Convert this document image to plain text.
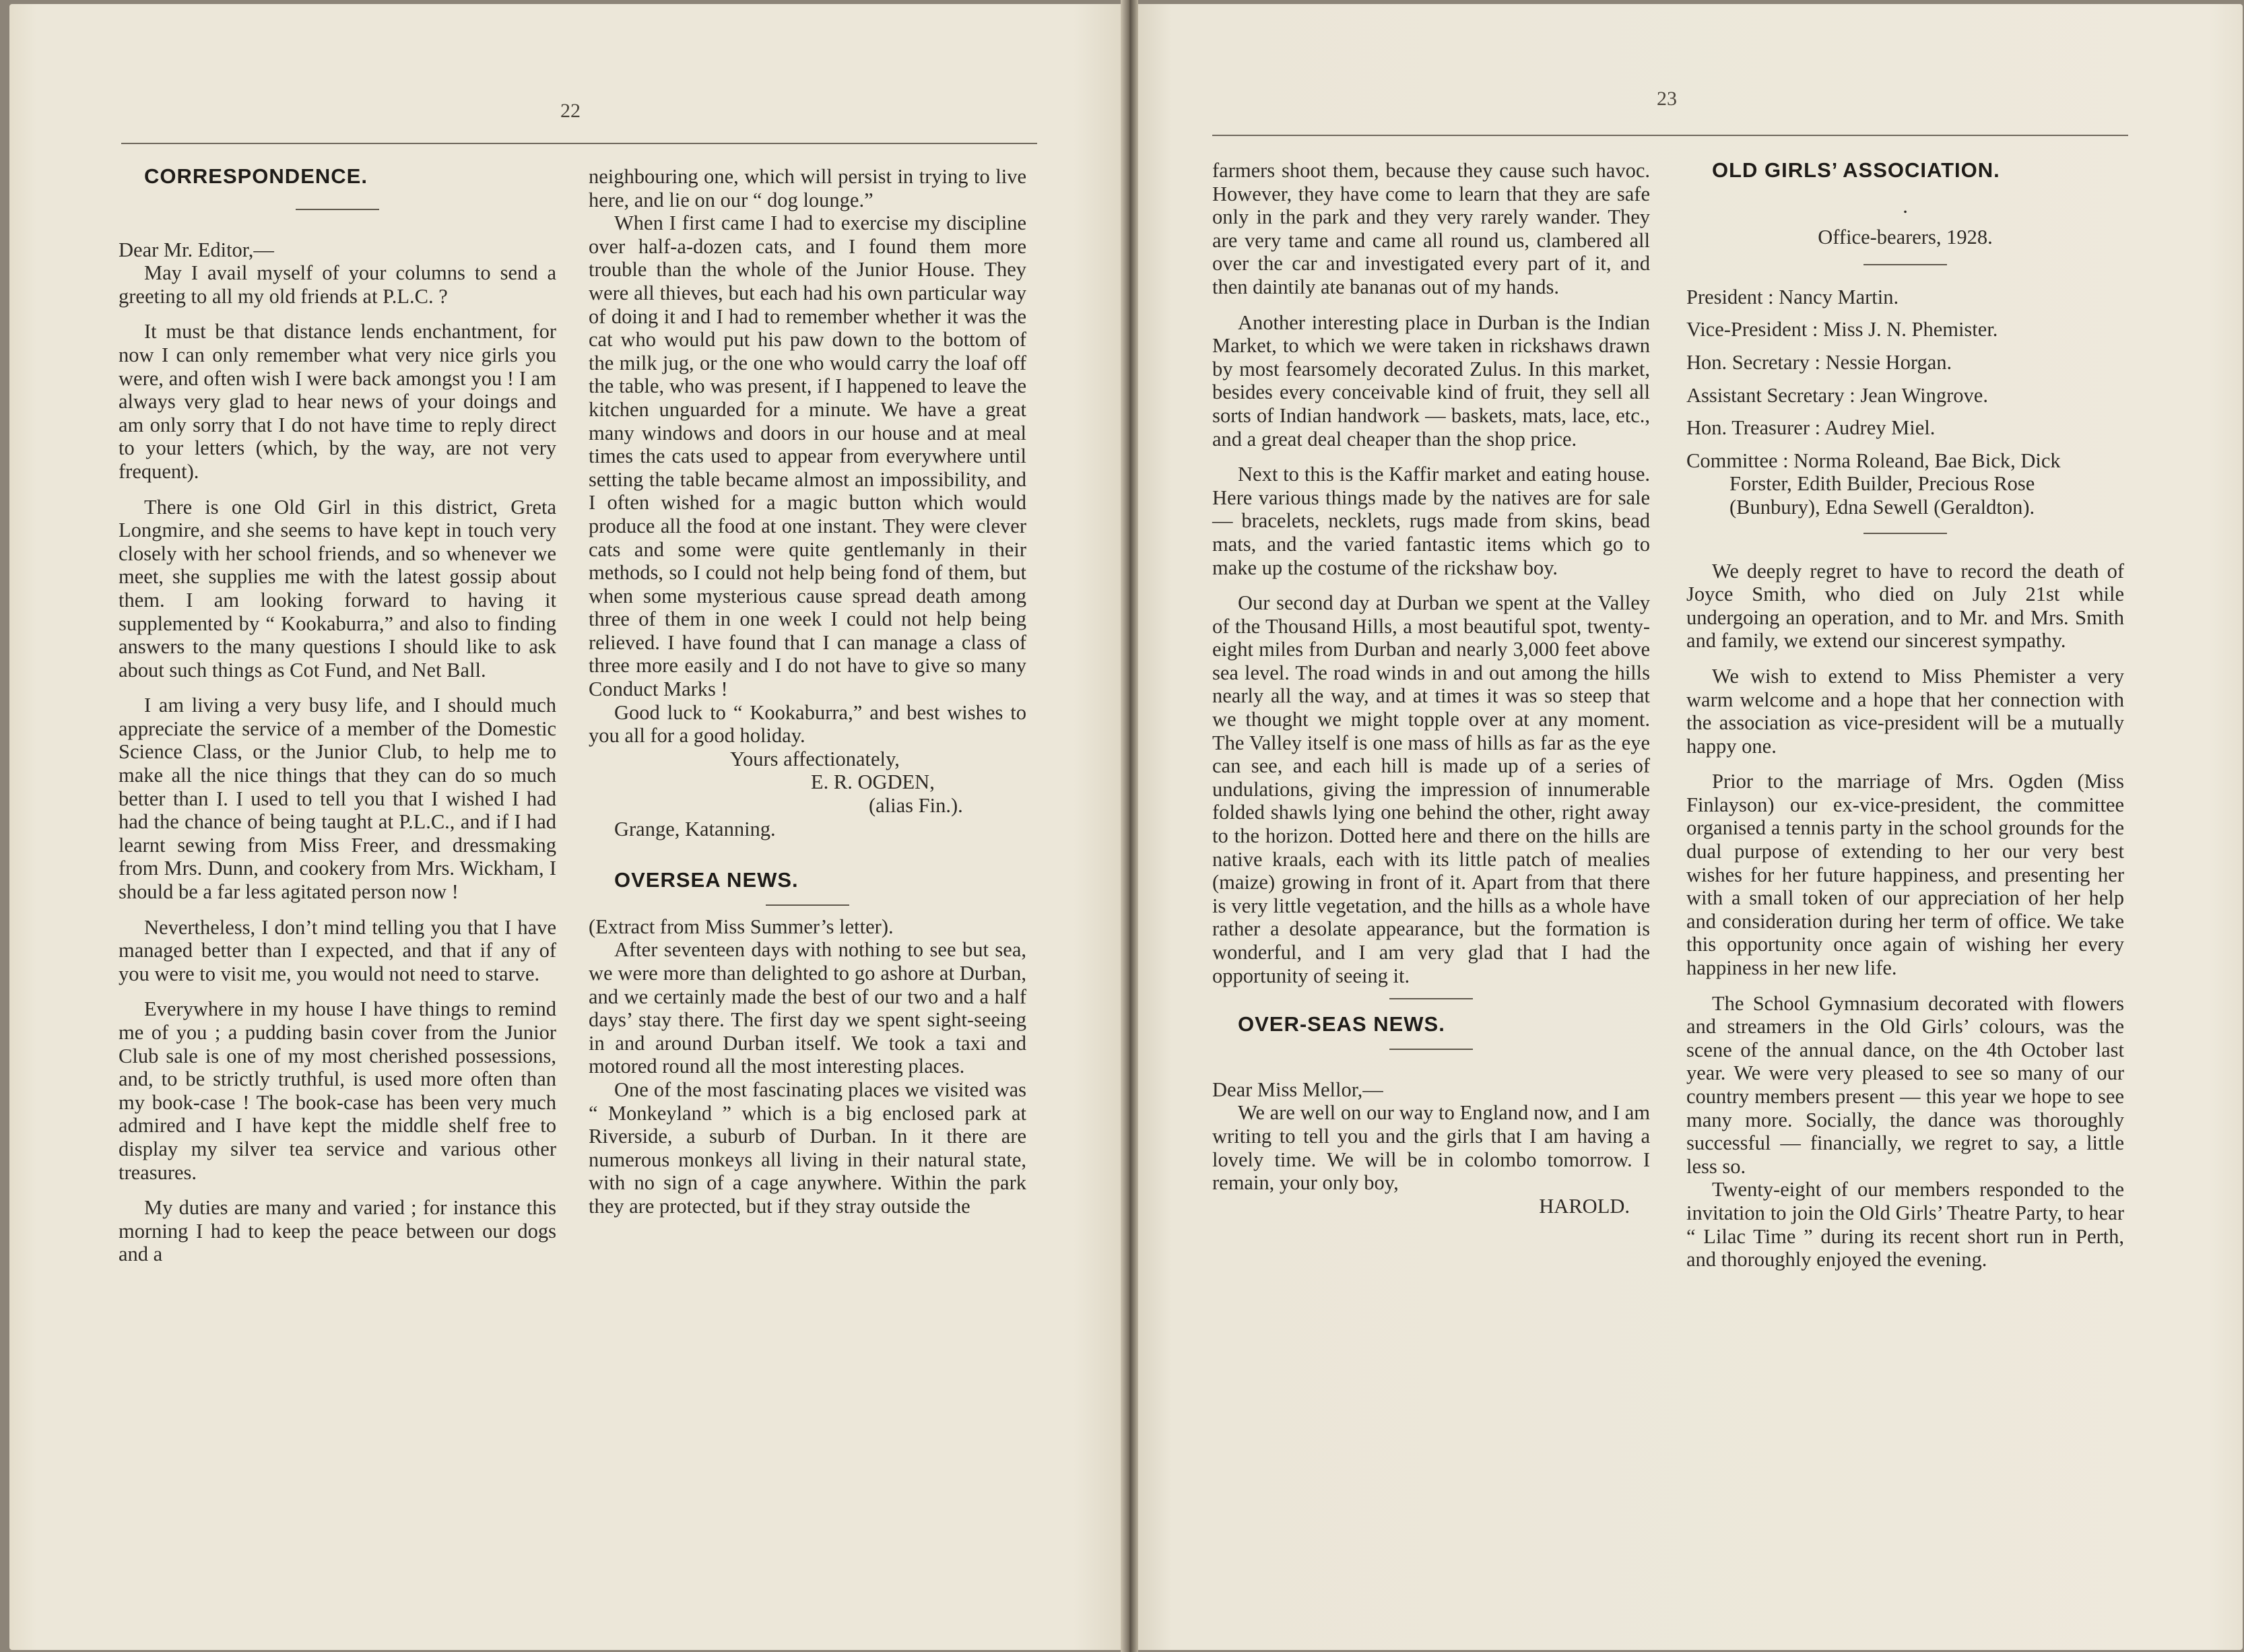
22

CORRESPONDENCE.

Dear Mr. Editor,—

May I avail myself of your columns to send a greeting to all my old friends at P.L.C. ?

It must be that distance lends enchantment, for now I can only remember what very nice girls you were, and often wish I were back amongst you ! I am always very glad to hear news of your doings and am only sorry that I do not have time to reply direct to your letters (which, by the way, are not very frequent).

There is one Old Girl in this district, Greta Longmire, and she seems to have kept in touch very closely with her school friends, and so whenever we meet, she supplies me with the latest gossip about them. I am looking forward to having it supplemented by “ Kookaburra,” and also to finding answers to the many questions I should like to ask about such things as Cot Fund, and Net Ball.

I am living a very busy life, and I should much appreciate the service of a member of the Domestic Science Class, or the Junior Club, to help me to make all the nice things that they can do so much better than I. I used to tell you that I wished I had had the chance of being taught at P.L.C., and if I had learnt sewing from Miss Freer, and dressmaking from Mrs. Dunn, and cookery from Mrs. Wickham, I should be a far less agitated person now !

Nevertheless, I don’t mind telling you that I have managed better than I expected, and that if any of you were to visit me, you would not need to starve.

Everywhere in my house I have things to remind me of you ; a pudding basin cover from the Junior Club sale is one of my most cherished possessions, and, to be strictly truthful, is used more often than my book-case ! The book-case has been very much admired and I have kept the middle shelf free to display my silver tea service and various other treasures.

My duties are many and varied ; for instance this morning I had to keep the peace between our dogs and a

neighbouring one, which will persist in trying to live here, and lie on our “ dog lounge.”

When I first came I had to exercise my discipline over half-a-dozen cats, and I found them more trouble than the whole of the Junior House. They were all thieves, but each had his own particular way of doing it and I had to remember whether it was the cat who would put his paw down to the bottom of the milk jug, or the one who would carry the loaf off the table, who was present, if I happened to leave the kitchen unguarded for a minute. We have a great many windows and doors in our house and at meal times the cats used to appear from everywhere until setting the table became almost an impossibility, and I often wished for a magic button which would produce all the food at one instant. They were clever cats and some were quite gentlemanly in their methods, so I could not help being fond of them, but when some mysterious cause spread death among three of them in one week I could not help being relieved. I have found that I can manage a class of three more easily and I do not have to give so many Conduct Marks !

Good luck to “ Kookaburra,” and best wishes to you all for a good holiday.

Yours affectionately,

E. R. OGDEN,

(alias Fin.).

Grange, Katanning.

OVERSEA NEWS.

(Extract from Miss Summer’s letter).

After seventeen days with nothing to see but sea, we were more than delighted to go ashore at Durban, and we certainly made the best of our two and a half days’ stay there. The first day we spent sight-seeing in and around Durban itself. We took a taxi and motored round all the most interesting places.

One of the most fascinating places we visited was “ Monkeyland ” which is a big enclosed park at Riverside, a suburb of Durban. In it there are numerous monkeys all living in their natural state, with no sign of a cage anywhere. Within the park they are protected, but if they stray outside the

23

farmers shoot them, because they cause such havoc. However, they have come to learn that they are safe only in the park and they very rarely wander. They are very tame and came all round us, clambered all over the car and investigated every part of it, and then daintily ate bananas out of my hands.

Another interesting place in Durban is the Indian Market, to which we were taken in rickshaws drawn by most fearsomely decorated Zulus. In this market, besides every conceivable kind of fruit, they sell all sorts of Indian handwork — baskets, mats, lace, etc., and a great deal cheaper than the shop price.

Next to this is the Kaffir market and eating house. Here various things made by the natives are for sale — bracelets, necklets, rugs made from skins, bead mats, and the varied fantastic items which go to make up the costume of the rickshaw boy.

Our second day at Durban we spent at the Valley of the Thousand Hills, a most beautiful spot, twenty-eight miles from Durban and nearly 3,000 feet above sea level. The road winds in and out among the hills nearly all the way, and at times it was so steep that we thought we might topple over at any moment. The Valley itself is one mass of hills as far as the eye can see, and each hill is made up of a series of undulations, giving the impression of innumerable folded shawls lying one behind the other, right away to the horizon. Dotted here and there on the hills are native kraals, each with its little patch of mealies (maize) growing in front of it. Apart from that there is very little vegetation, and the hills as a whole have rather a desolate appearance, but the formation is wonderful, and I am very glad that I had the opportunity of seeing it.

OVER-SEAS NEWS.

Dear Miss Mellor,—

We are well on our way to England now, and I am writing to tell you and the girls that I am having a lovely time. We will be in colombo tomorrow. I remain, your only boy,

HAROLD.

OLD GIRLS’ ASSOCIATION.

.

Office-bearers, 1928.

President : Nancy Martin.

Vice-President : Miss J. N. Phemister.

Hon. Secretary : Nessie Horgan.

Assistant Secretary : Jean Wingrove.

Hon. Treasurer : Audrey Miel.

Committee : Norma Roleand, Bae Bick, Dick Forster, Edith Builder, Precious Rose (Bunbury), Edna Sewell (Geraldton).

We deeply regret to have to record the death of Joyce Smith, who died on July 21st while undergoing an operation, and to Mr. and Mrs. Smith and family, we extend our sincerest sympathy.

We wish to extend to Miss Phemister a very warm welcome and a hope that her connection with the association as vice-president will be a mutually happy one.

Prior to the marriage of Mrs. Ogden (Miss Finlayson) our ex-vice-president, the committee organised a tennis party in the school grounds for the dual purpose of extending to her our very best wishes for her future happiness, and presenting her with a small token of our appreciation of her help and consideration during her term of office. We take this opportunity once again of wishing her every happiness in her new life.

The School Gymnasium decorated with flowers and streamers in the Old Girls’ colours, was the scene of the annual dance, on the 4th October last year. We were very pleased to see so many of our country members present — this year we hope to see many more. Socially, the dance was thoroughly successful — financially, we regret to say, a little less so.

Twenty-eight of our members responded to the invitation to join the Old Girls’ Theatre Party, to hear “ Lilac Time ” during its recent short run in Perth, and thoroughly enjoyed the evening.
